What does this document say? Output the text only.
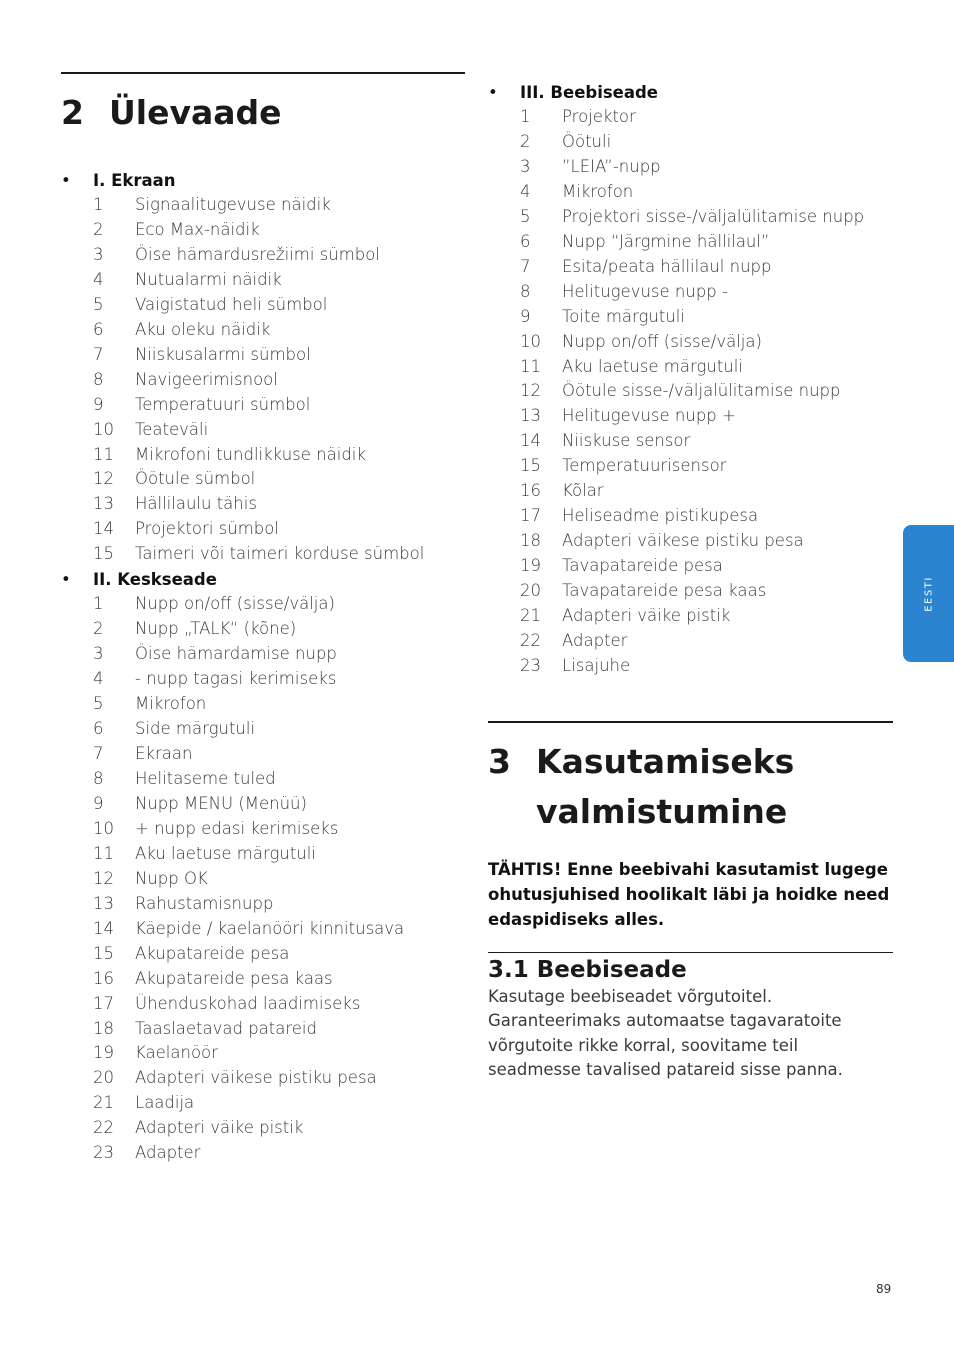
2 Ülevaade
• I. Ekraan
1	Signaalitugevuse näidik
2	Eco Max-näidik
3	Öise hämardusrežiimi sümbol
4	Nutualarmi näidik
5	Vaigistatud heli sümbol
6	Aku oleku näidik
7	Niiskusalarmi sümbol
8	Navigeerimisnool
9	Temperatuuri sümbol
10	Teateväli
11	Mikrofoni tundlikkuse näidik
12	Öötule sümbol
13	Hällilaulu tähis
14	Projektori sümbol
15	Taimeri või taimeri korduse sümbol
• II. Keskseade
1	Nupp on/off (sisse/välja)
2	Nupp „TALK“ (kõne)
3	Öise hämardamise nupp
4	- nupp tagasi kerimiseks
5	Mikrofon
6	Side märgutuli
7	Ekraan
8	Helitaseme tuled
9	Nupp MENU (Menüü)
10	+ nupp edasi kerimiseks
11	Aku laetuse märgutuli
12	Nupp OK
13	Rahustamisnupp
14	Käepide / kaelanööri kinnitusava
15	Akupatareide pesa
16	Akupatareide pesa kaas
17	Ühenduskohad laadimiseks
18	Taaslaetavad patareid
19	Kaelanöör
20	Adapteri väikese pistiku pesa
21	Laadija
22	Adapteri väike pistik
23	Adapter
• III. Beebiseade
1	Projektor
2	Öötuli
3	”LEIA”-nupp
4	Mikrofon
5	Projektori sisse-/väljalülitamise nupp
6	Nupp “Järgmine hällilaul”
7	Esita/peata hällilaul nupp
8	Helitugevuse nupp -
9	Toite märgutuli
10	Nupp on/off (sisse/välja)
11	Aku laetuse märgutuli
12	Öötule sisse-/väljalülitamise nupp
13	Helitugevuse nupp +
14	Niiskuse sensor
15	Temperatuurisensor
16	Kõlar
17	Heliseadme pistikupesa
18	Adapteri väikese pistiku pesa
19	Tavapatareide pesa
20	Tavapatareide pesa kaas
21	Adapteri väike pistik
22	Adapter
23	Lisajuhe
3 Kasutamiseks
valmistumine

TÄHTIS! Enne beebivahi kasutamist lugege ohutusjuhised hoolikalt läbi ja hoidke need edaspidiseks alles.

3.1 Beebiseade

Kasutage beebiseadet võrgutoitel. Garanteerimaks automaatse tagavaratoite võrgutoite rikke korral, soovitame teil seadmesse tavalised patareid sisse panna.

EESTI
89
